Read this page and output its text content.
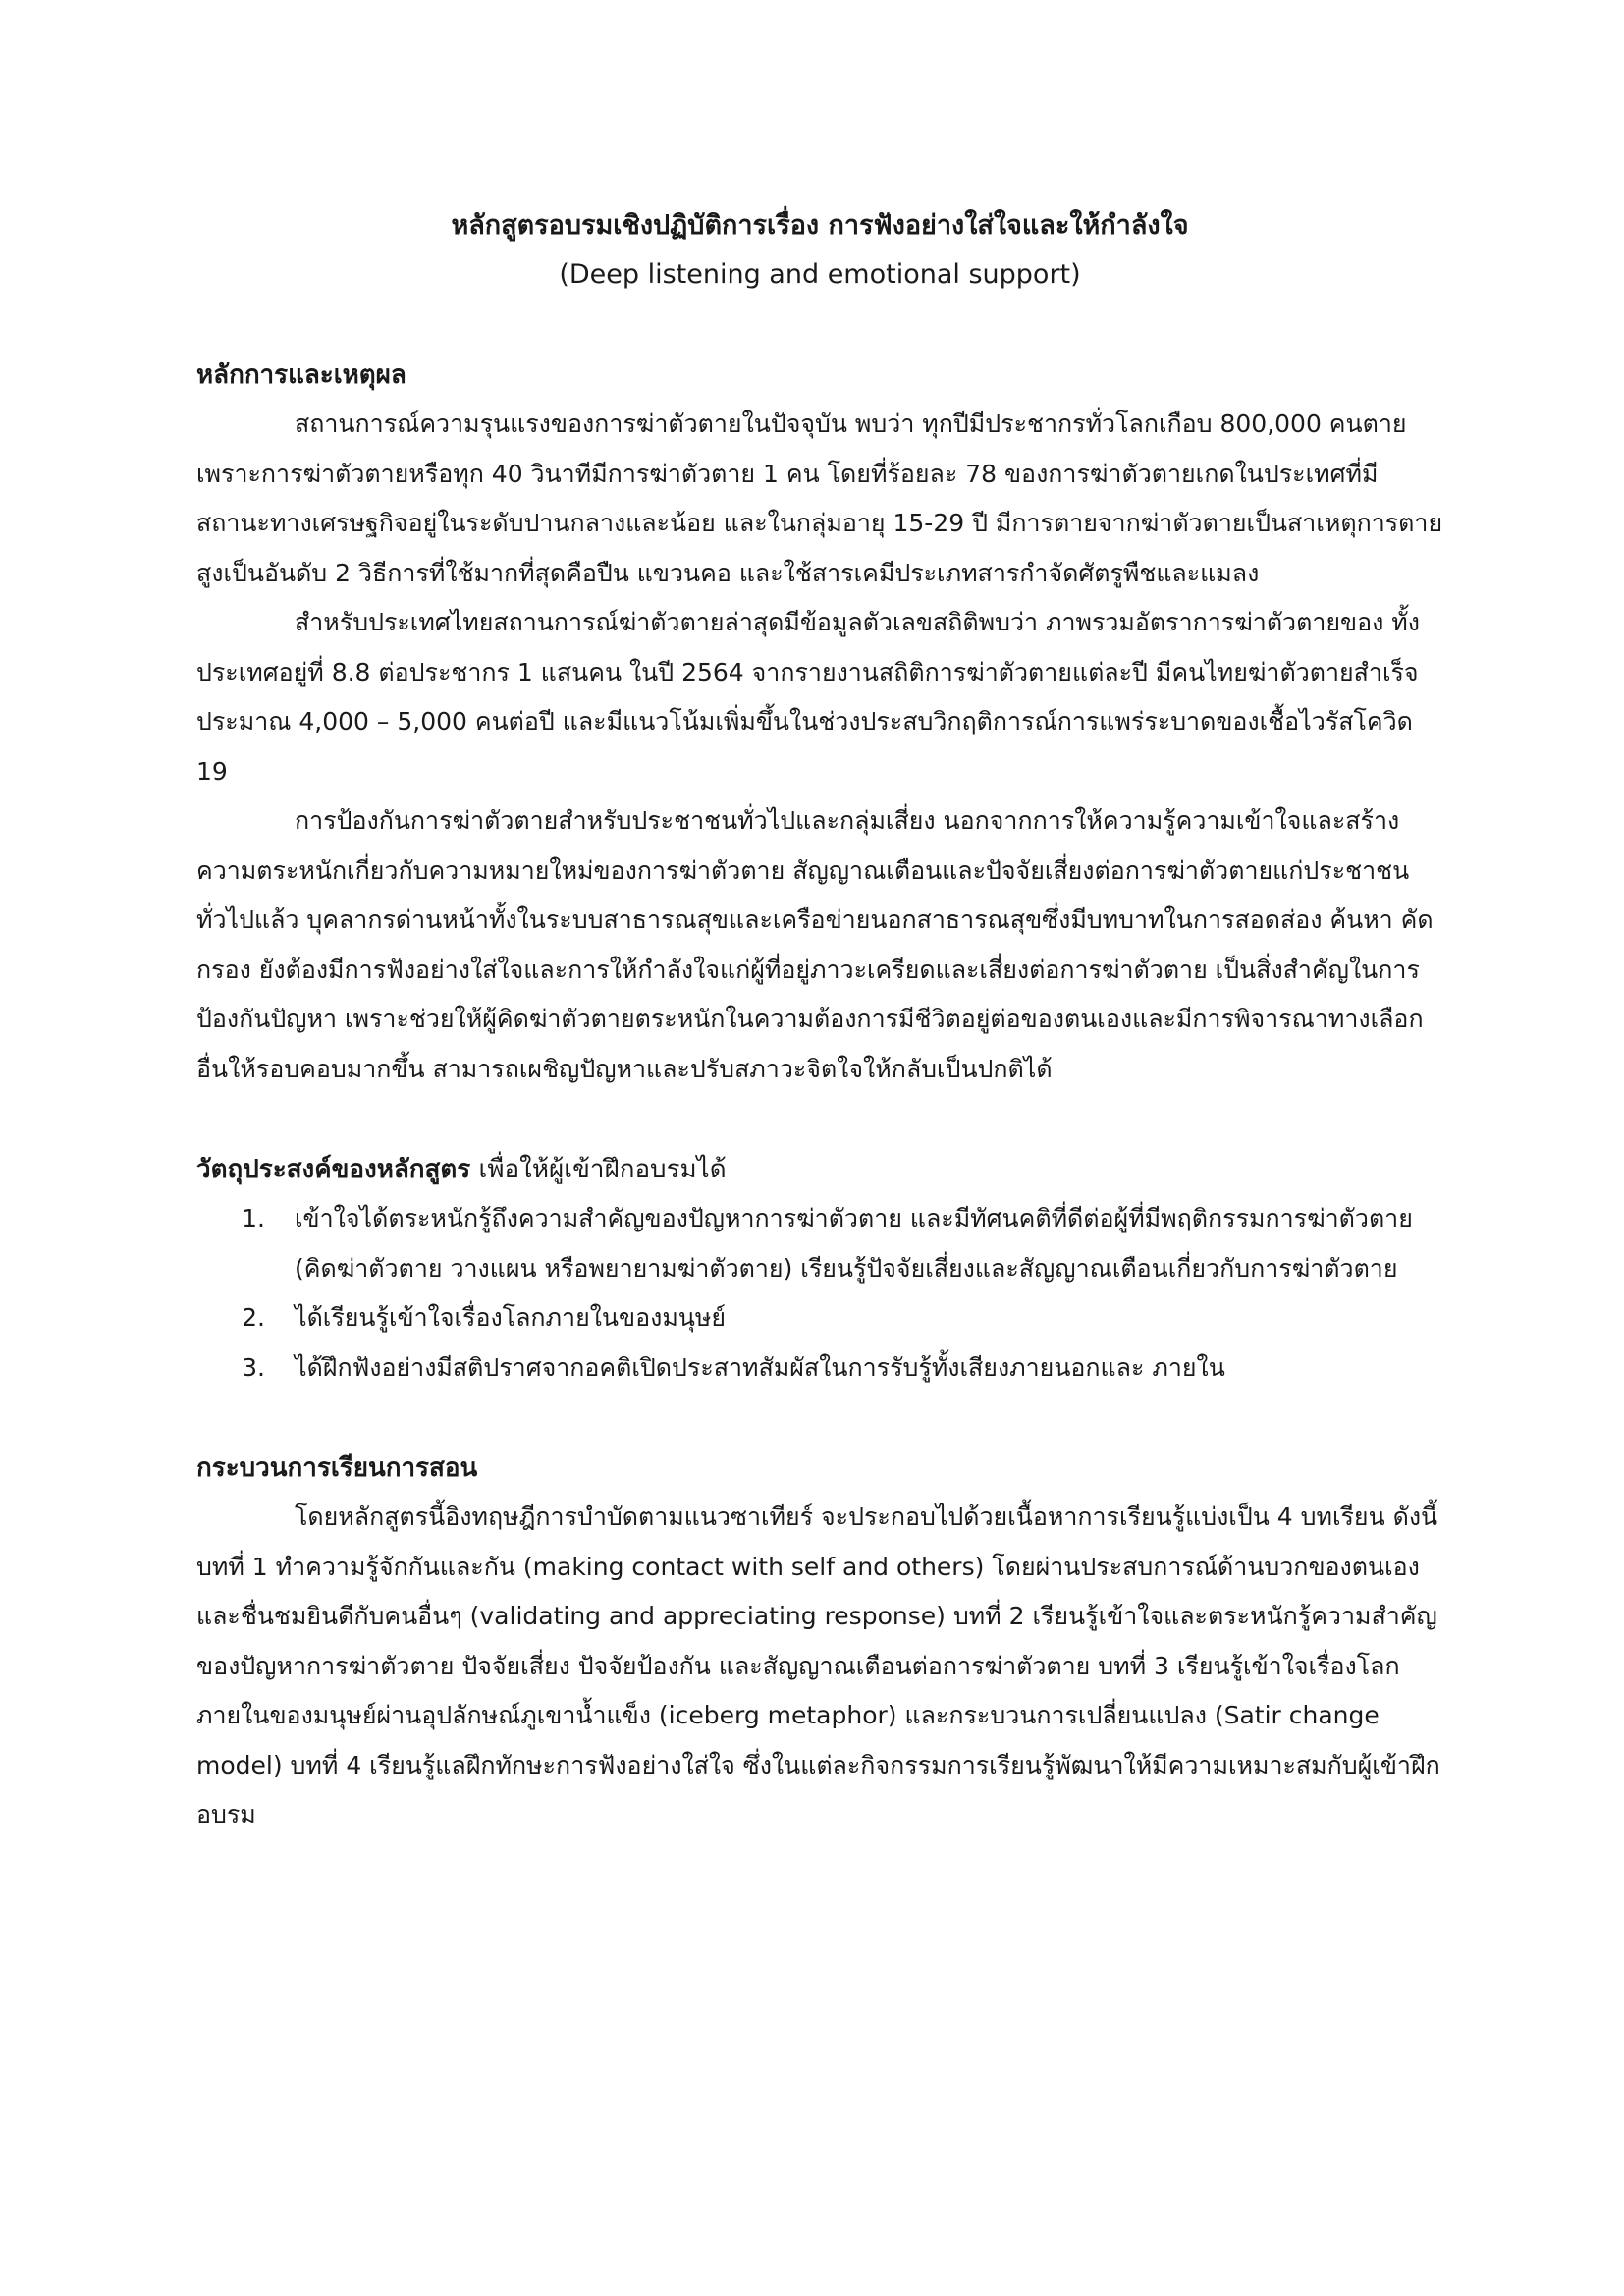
หลักสูตรอบรมเชิงปฏิบัติการเรื่อง การฟังอย่างใส่ใจและให้กำลังใจ
(Deep listening and emotional support)
หลักการและเหตุผล

สถานการณ์ความรุนแรงของการฆ่าตัวตายในปัจจุบัน พบว่า ทุกปีมีประชากรทั่วโลกเกือบ 800,000 คนตายเพราะการฆ่าตัวตายหรือทุก 40 วินาทีมีการฆ่าตัวตาย 1 คน โดยที่ร้อยละ 78 ของการฆ่าตัวตายเกดในประเทศที่มีสถานะทางเศรษฐกิจอยู่ในระดับปานกลางและน้อย และในกลุ่มอายุ 15-29 ปี มีการตายจากฆ่าตัวตายเป็นสาเหตุการตายสูงเป็นอันดับ 2 วิธีการที่ใช้มากที่สุดคือปืน แขวนคอ และใช้สารเคมีประเภทสารกำจัดศัตรูพืชและแมลง

สำหรับประเทศไทยสถานการณ์ฆ่าตัวตายล่าสุดมีข้อมูลตัวเลขสถิติพบว่า ภาพรวมอัตราการฆ่าตัวตายของ ทั้งประเทศอยู่ที่ 8.8 ต่อประชากร 1 แสนคน ในปี 2564 จากรายงานสถิติการฆ่าตัวตายแต่ละปี มีคนไทยฆ่าตัวตายสำเร็จ ประมาณ 4,000 – 5,000 คนต่อปี และมีแนวโน้มเพิ่มขึ้นในช่วงประสบวิกฤติการณ์การแพร่ระบาดของเชื้อไวรัสโควิด 19

การป้องกันการฆ่าตัวตายสำหรับประชาชนทั่วไปและกลุ่มเสี่ยง นอกจากการให้ความรู้ความเข้าใจและสร้างความตระหนักเกี่ยวกับความหมายใหม่ของการฆ่าตัวตาย สัญญาณเตือนและปัจจัยเสี่ยงต่อการฆ่าตัวตายแก่ประชาชนทั่วไปแล้ว บุคลากรด่านหน้าทั้งในระบบสาธารณสุขและเครือข่ายนอกสาธารณสุขซึ่งมีบทบาทในการสอดส่อง ค้นหา คัดกรอง ยังต้องมีการฟังอย่างใส่ใจและการให้กำลังใจแก่ผู้ที่อยู่ภาวะเครียดและเสี่ยงต่อการฆ่าตัวตาย เป็นสิ่งสำคัญในการป้องกันปัญหา เพราะช่วยให้ผู้คิดฆ่าตัวตายตระหนักในความต้องการมีชีวิตอยู่ต่อของตนเองและมีการพิจารณาทางเลือกอื่นให้รอบคอบมากขึ้น สามารถเผชิญปัญหาและปรับสภาวะจิตใจให้กลับเป็นปกติได้

วัตถุประสงค์ของหลักสูตร เพื่อให้ผู้เข้าฝึกอบรมได้
1.	เข้าใจได้ตระหนักรู้ถึงความสำคัญของปัญหาการฆ่าตัวตาย และมีทัศนคติที่ดีต่อผู้ที่มีพฤติกรรมการฆ่าตัวตาย (คิดฆ่าตัวตาย วางแผน หรือพยายามฆ่าตัวตาย) เรียนรู้ปัจจัยเสี่ยงและสัญญาณเตือนเกี่ยวกับการฆ่าตัวตาย
2.	ได้เรียนรู้เข้าใจเรื่องโลกภายในของมนุษย์
3.	ได้ฝึกฟังอย่างมีสติปราศจากอคติเปิดประสาทสัมผัสในการรับรู้ทั้งเสียงภายนอกและ ภายใน
กระบวนการเรียนการสอน

โดยหลักสูตรนี้อิงทฤษฎีการบำบัดตามแนวซาเทียร์ จะประกอบไปด้วยเนื้อหาการเรียนรู้แบ่งเป็น 4 บทเรียน ดังนี้ บทที่ 1 ทำความรู้จักกันและกัน (making contact with self and others) โดยผ่านประสบการณ์ด้านบวกของตนเองและชื่นชมยินดีกับคนอื่นๆ (validating and appreciating response) บทที่ 2 เรียนรู้เข้าใจและตระหนักรู้ความสำคัญของปัญหาการฆ่าตัวตาย ปัจจัยเสี่ยง ปัจจัยป้องกัน และสัญญาณเตือนต่อการฆ่าตัวตาย บทที่ 3 เรียนรู้เข้าใจเรื่องโลกภายในของมนุษย์ผ่านอุปลักษณ์ภูเขาน้ำแข็ง (iceberg metaphor) และกระบวนการเปลี่ยนแปลง (Satir change model) บทที่ 4 เรียนรู้แลฝึกทักษะการฟังอย่างใส่ใจ ซึ่งในแต่ละกิจกรรมการเรียนรู้พัฒนาให้มีความเหมาะสมกับผู้เข้าฝึกอบรม
